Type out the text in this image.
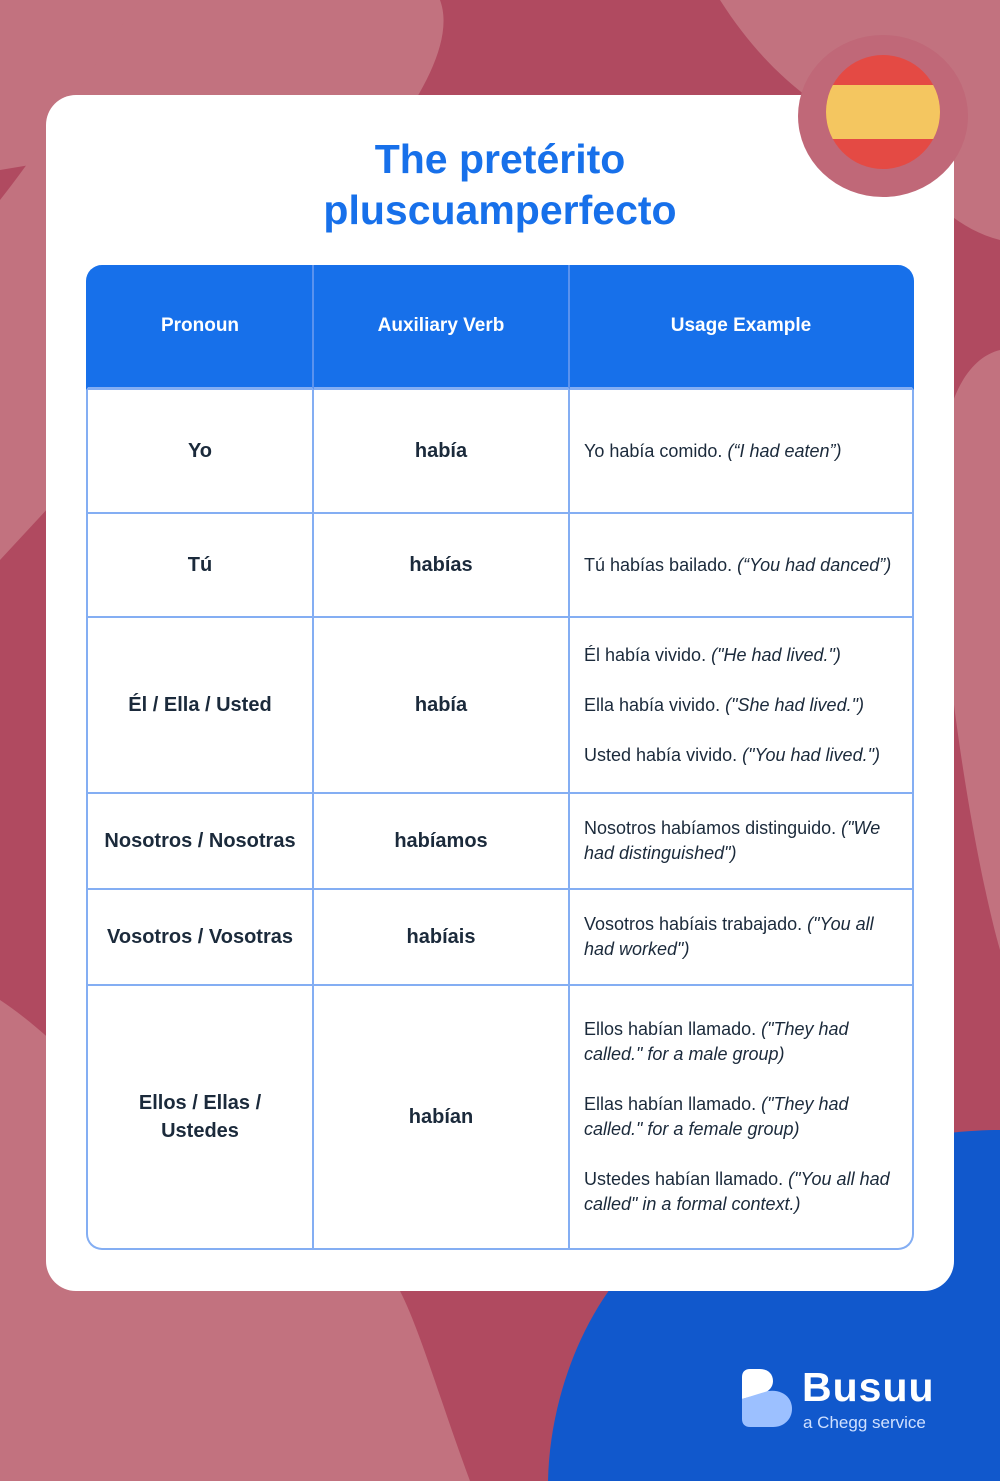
The pretérito
pluscuamperfecto
Pronoun	Auxiliary Verb	Usage Example
Yo	había	Yo había comido. (“I had eaten”)

Tú	habías	Tú habías bailado. (“You had danced”)

Él / Ella / Usted	había	Él había vivido. ("He had lived.")

Ella había vivido. ("She had lived.")

Usted había vivido. ("You had lived.")

Nosotros / Nosotras	habíamos	Nosotros habíamos distinguido. ("We had distinguished")

Vosotros / Vosotras	habíais	Vosotros habíais trabajado. ("You all had worked")

Ellos / Ellas / Ustedes	habían	Ellos habían llamado. ("They had called." for a male group)

Ellas habían llamado. ("They had called." for a female group)

Ustedes habían llamado. ("You all had called" in a formal context.)

Busuu
a Chegg service
